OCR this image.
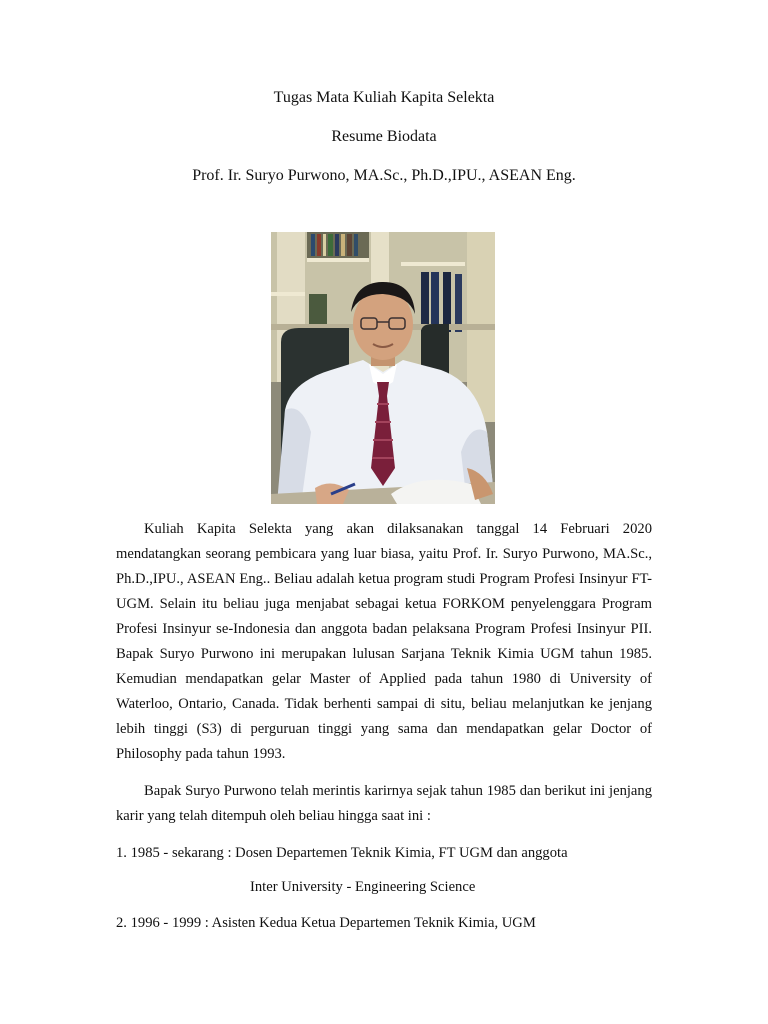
Tugas Mata Kuliah Kapita Selekta
Resume Biodata
Prof. Ir. Suryo Purwono, MA.Sc., Ph.D.,IPU., ASEAN Eng.

Kuliah Kapita Selekta yang akan dilaksanakan tanggal 14 Februari 2020 mendatangkan seorang pembicara yang luar biasa, yaitu Prof. Ir. Suryo Purwono, MA.Sc., Ph.D.,IPU., ASEAN Eng.. Beliau adalah ketua program studi Program Profesi Insinyur FT-UGM. Selain itu beliau juga menjabat sebagai ketua FORKOM penyelenggara Program Profesi Insinyur se-Indonesia dan anggota badan pelaksana Program Profesi Insinyur PII. Bapak Suryo Purwono ini merupakan lulusan Sarjana Teknik Kimia UGM tahun 1985. Kemudian mendapatkan gelar Master of Applied pada tahun 1980 di University of Waterloo, Ontario, Canada. Tidak berhenti sampai di situ, beliau melanjutkan ke jenjang lebih tinggi (S3) di perguruan tinggi yang sama dan mendapatkan gelar Doctor of Philosophy pada tahun 1993.

Bapak Suryo Purwono telah merintis karirnya sejak tahun 1985 dan berikut ini jenjang karir yang telah ditempuh oleh beliau hingga saat ini :

1. 1985 - sekarang : Dosen Departemen Teknik Kimia, FT UGM dan anggota
Inter University - Engineering Science
2. 1996 - 1999 : Asisten Kedua Ketua Departemen Teknik Kimia, UGM
